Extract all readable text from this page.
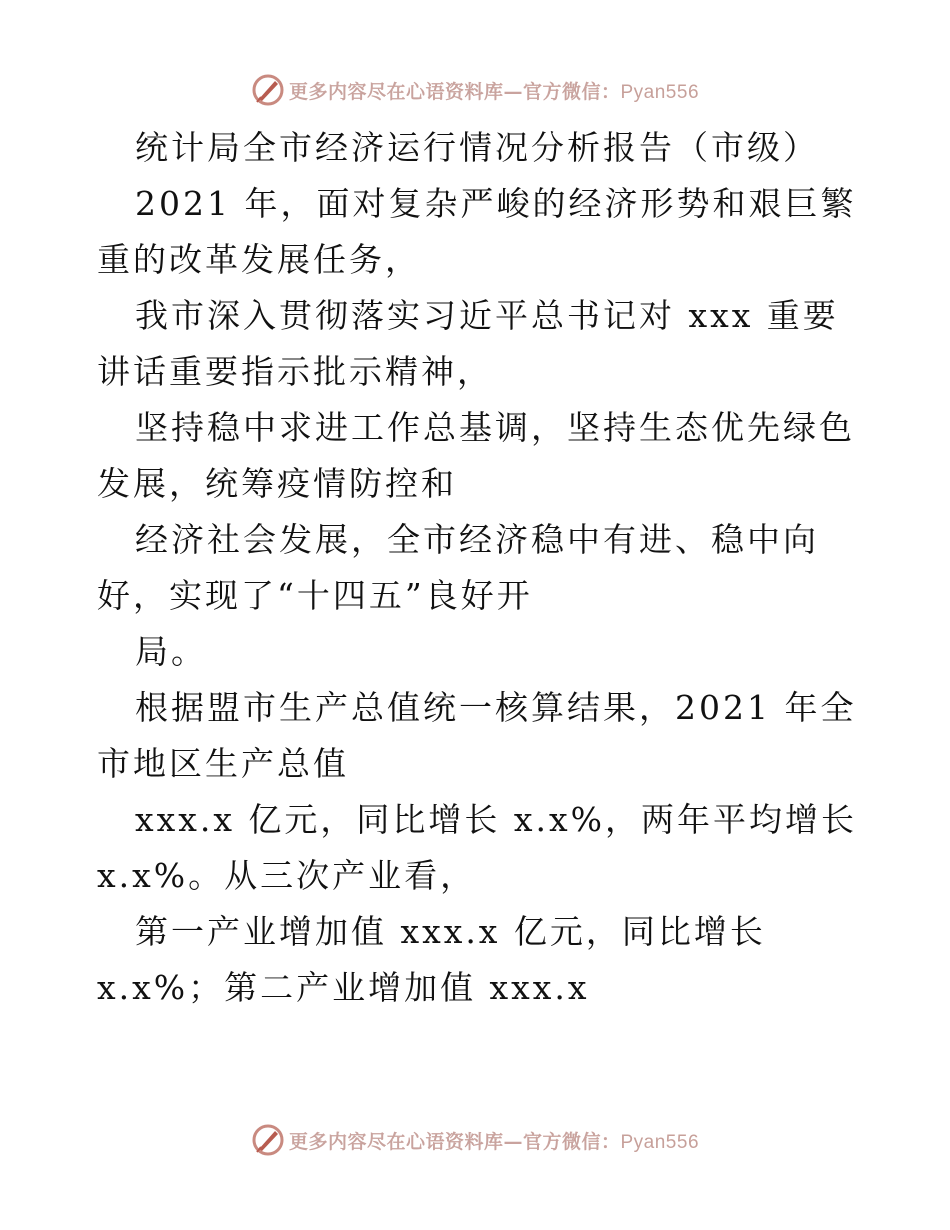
更多内容尽在心语资料库—官方微信：Pyan556

统计局全市经济运行情况分析报告（市级）

2021 年，面对复杂严峻的经济形势和艰巨繁重的改革发展任务，

我市深入贯彻落实习近平总书记对 xxx 重要讲话重要指示批示精神，

坚持稳中求进工作总基调，坚持生态优先绿色发展，统筹疫情防控和

经济社会发展，全市经济稳中有进、稳中向好，实现了“十四五”良好开

局。

根据盟市生产总值统一核算结果，2021 年全市地区生产总值

xxx.x 亿元，同比增长 x.x%，两年平均增长 x.x%。从三次产业看，

第一产业增加值 xxx.x 亿元，同比增长 x.x%；第二产业增加值 xxx.x

更多内容尽在心语资料库—官方微信：Pyan556
